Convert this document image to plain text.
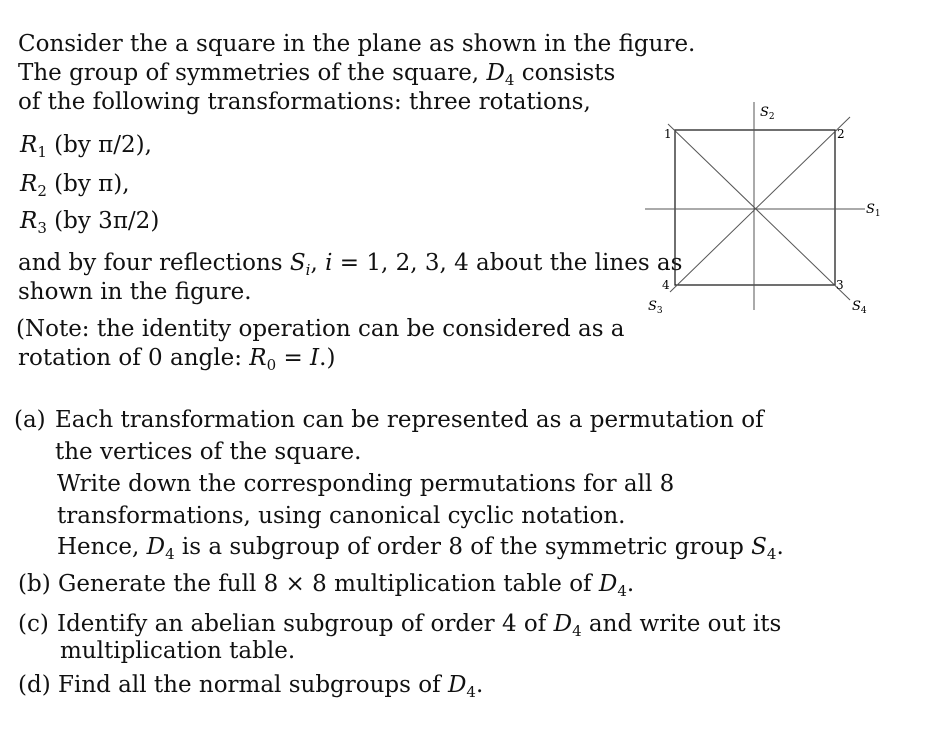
Consider the a square in the plane as shown in the figure.
The group of symmetries of the square, $D_4$ consists
of the following transformations: three rotations,
$R_1$ (by π/2),
$R_2$ (by π),
$R_3$ (by 3π/2)
and by four reflections $S_i$, i = 1, 2, 3, 4 about the lines as
shown in the figure.
(Note: the identity operation can be considered as a
rotation of 0 angle: $R_0 = I$.)
(a) Each transformation can be represented as a permutation of
the vertices of the square.
Write down the corresponding permutations for all 8
transformations, using canonical cyclic notation.
Hence, $D_4$ is a subgroup of order 8 of the symmetric group $S_4$.
(b) Generate the full 8 × 8 multiplication table of $D_4$.
(c) Identify an abelian subgroup of order 4 of $D_4$ and write out its
multiplication table.
(d) Find all the normal subgroups of $D_4$.
1	2
3
4
$S_1$
$S_2$
$S_3$	$S_4$
